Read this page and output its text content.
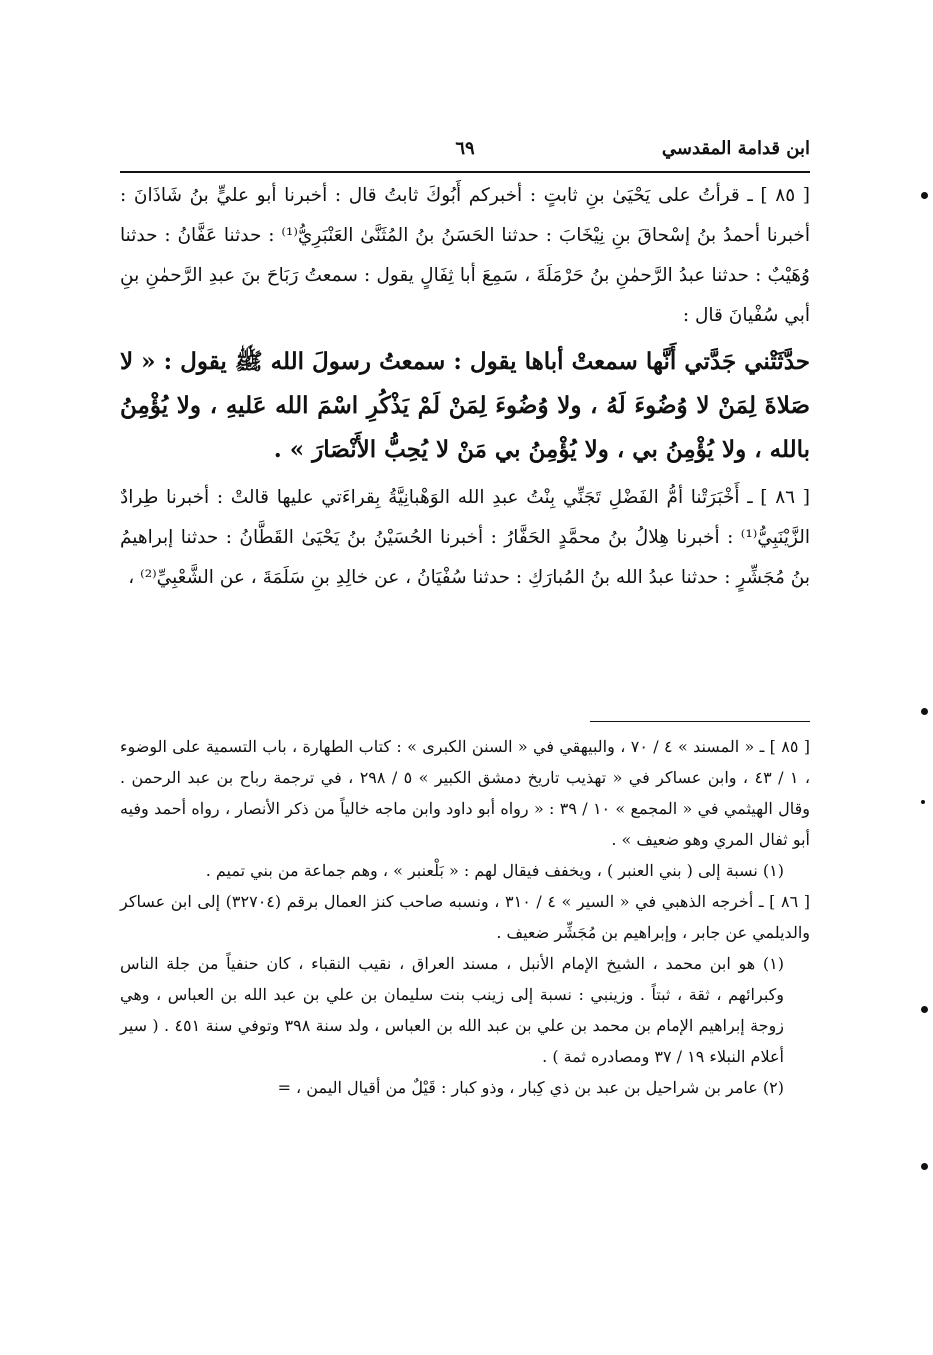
ابن قدامة المقدسي
٦٩

[ ٨٥ ] ـ قرأتُ على يَحْيَىٰ بنِ ثابتٍ : أخبركم أَبُوكَ ثابتُ قال : أخبرنا أبو عليٍّ بنُ شَاذَانَ : أخبرنا أحمدُ بنُ إسْحاقَ بنِ نِيْخَابَ : حدثنا الحَسَنُ بنُ المُثَنَّىٰ العَنْبَرِيُّ⁽¹⁾ : حدثنا عَفَّانُ : حدثنا وُهَيْبٌ : حدثنا عبدُ الرَّحمٰنِ بنُ حَرْمَلَةَ ، سَمِعَ أبا ثِفَالٍ يقول : سمعتُ رَبَاحَ بنَ عبدِ الرَّحمٰنِ بنِ أبي سُفْيانَ قال :

حدَّثَتْني جَدَّتي أَنَّها سمعتْ أباها يقول : سمعتُ رسولَ الله ﷺ يقول : « لا صَلاةَ لِمَنْ لا وُضُوءَ لَهُ ، ولا وُضُوءَ لِمَنْ لَمْ يَذْكُرِ اسْمَ الله عَليهِ ، ولا يُؤْمِنُ بالله ، ولا يُؤْمِنُ بي ، ولا يُؤْمِنُ بي مَنْ لا يُحِبُّ الأَنْصَارَ » .

[ ٨٦ ] ـ أَخْبَرَتْنا أمُّ الفَضْلِ تَجَنِّي بِنْتُ عبدِ الله الوَهْبانِيَّةُ بِقراءَتي عليها قالتْ : أخبرنا طِرادٌ الزَّيْنَبِيُّ⁽¹⁾ : أخبرنا هِلالُ بنُ محمَّدٍ الحَفَّارُ : أخبرنا الحُسَيْنُ بنُ يَحْيَىٰ القَطَّانُ : حدثنا إبراهيمُ بنُ مُجَشِّرٍ : حدثنا عبدُ الله بنُ المُبارَكِ : حدثنا سُفْيَانُ ، عن خالِدِ بنِ سَلَمَةَ ، عن الشَّعْبِيِّ⁽²⁾ ،

[ ٨٥ ] ـ « المسند » ٤ / ٧٠ ، والبيهقي في « السنن الكبرى » : كتاب الطهارة ، باب التسمية على الوضوء ، ١ / ٤٣ ، وابن عساكر في « تهذيب تاريخ دمشق الكبير » ٥ / ٢٩٨ ، في ترجمة رباح بن عبد الرحمن . وقال الهيثمي في « المجمع » ١٠ / ٣٩ : « رواه أبو داود وابن ماجه خالياً من ذكر الأنصار ، رواه أحمد وفيه أبو ثفال المري وهو ضعيف » .

(١) نسبة إلى ( بني العنبر ) ، ويخفف فيقال لهم : « بَلْعنبر » ، وهم جماعة من بني تميم .

[ ٨٦ ] ـ أخرجه الذهبي في « السير » ٤ / ٣١٠ ، ونسبه صاحب كنز العمال برقم (٣٢٧٠٤) إلى ابن عساكر والديلمي عن جابر ، وإبراهيم بن مُجَشِّر ضعيف .

(١) هو ابن محمد ، الشيخ الإمام الأنبل ، مسند العراق ، نقيب النقباء ، كان حنفياً من جلة الناس وكبرائهم ، ثقة ، ثبتاً . وزينبي : نسبة إلى زينب بنت سليمان بن علي بن عبد الله بن العباس ، وهي زوجة إبراهيم الإمام بن محمد بن علي بن عبد الله بن العباس ، ولد سنة ٣٩٨ وتوفي سنة ٤٥١ . ( سير أعلام النبلاء ١٩ / ٣٧ ومصادره ثمة ) .

(٢) عامر بن شراحيل بن عبد بن ذي كِبار ، وذو كبار : قَيْلٌ من أقيال اليمن ، =
